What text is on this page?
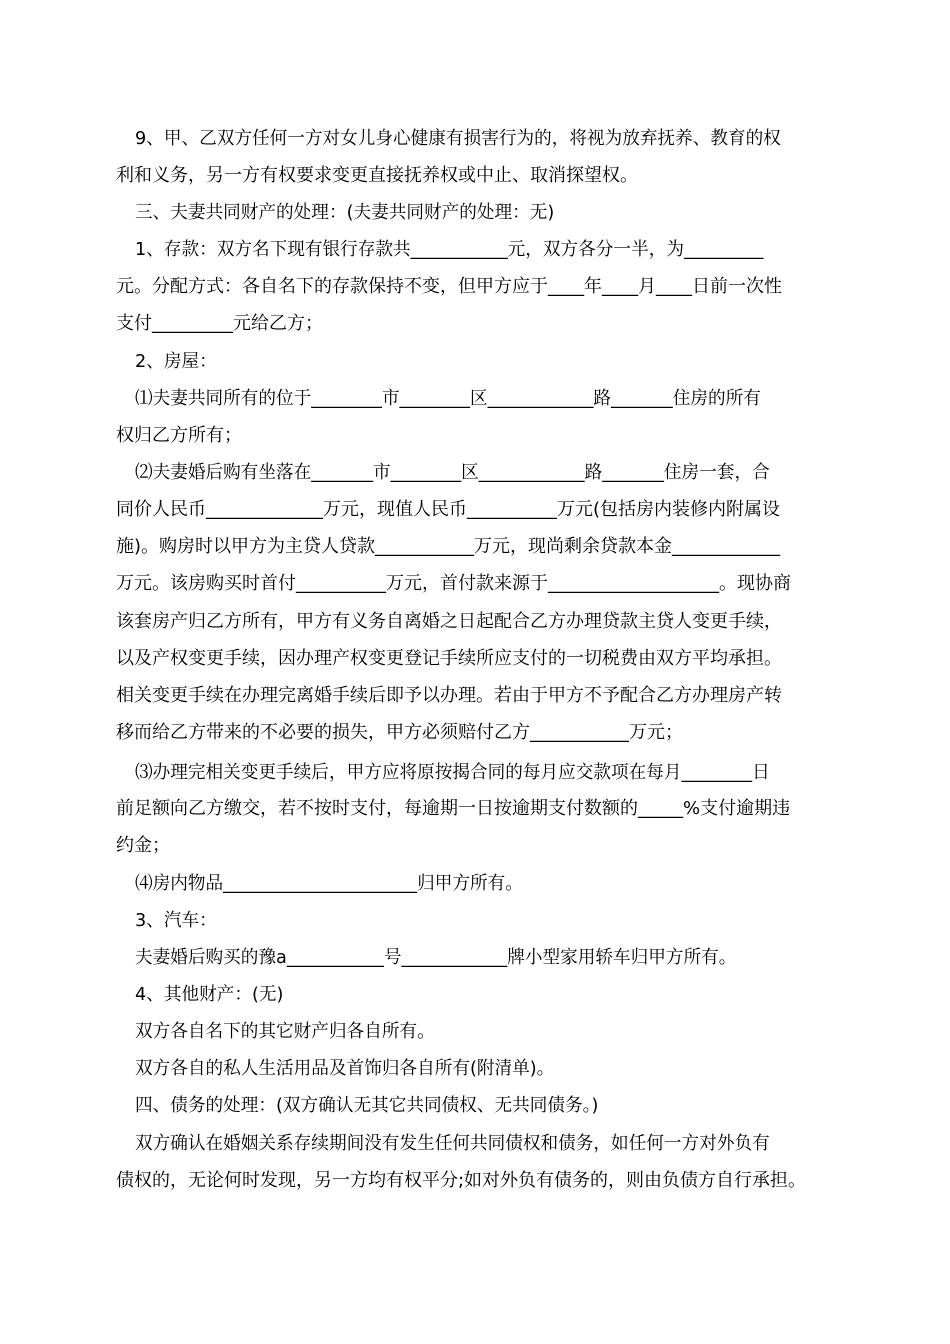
9、甲、乙双方任何一方对女儿身心健康有损害行为的，将视为放弃抚养、教育的权
利和义务，另一方有权要求变更直接抚养权或中止、取消探望权。
三、夫妻共同财产的处理：(夫妻共同财产的处理：无)
1、存款：双方名下现有银行存款共___________元，双方各分一半，为_________
元。分配方式：各自名下的存款保持不变，但甲方应于____年____月____日前一次性
支付_________元给乙方；
2、房屋：
⑴夫妻共同所有的位于________市________区____________路_______住房的所有
权归乙方所有；
⑵夫妻婚后购有坐落在_______市________区____________路_______住房一套，合
同价人民币_____________万元，现值人民币__________万元(包括房内装修内附属设
施)。购房时以甲方为主贷人贷款___________万元，现尚剩余贷款本金____________
万元。该房购买时首付__________万元，首付款来源于___________________。现协商
该套房产归乙方所有，甲方有义务自离婚之日起配合乙方办理贷款主贷人变更手续，
以及产权变更手续，因办理产权变更登记手续所应支付的一切税费由双方平均承担。
相关变更手续在办理完离婚手续后即予以办理。若由于甲方不予配合乙方办理房产转
移而给乙方带来的不必要的损失，甲方必须赔付乙方___________万元；
⑶办理完相关变更手续后，甲方应将原按揭合同的每月应交款项在每月________日
前足额向乙方缴交，若不按时支付，每逾期一日按逾期支付数额的_____%支付逾期违
约金；
⑷房内物品______________________归甲方所有。
3、汽车：
夫妻婚后购买的豫a___________号____________牌小型家用轿车归甲方所有。
4、其他财产：(无)
双方各自名下的其它财产归各自所有。
双方各自的私人生活用品及首饰归各自所有(附清单)。
四、债务的处理：(双方确认无其它共同债权、无共同债务。)
双方确认在婚姻关系存续期间没有发生任何共同债权和债务，如任何一方对外负有
债权的，无论何时发现，另一方均有权平分;如对外负有债务的，则由负债方自行承担。
